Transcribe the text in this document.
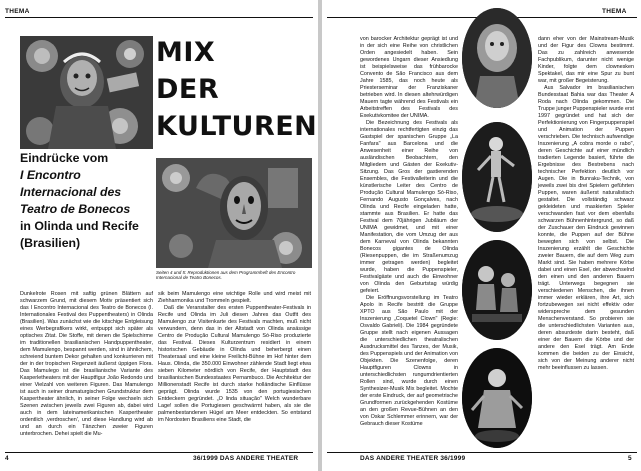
THEMA
MIX
DER
KULTUREN
Eindrücke vom
I Encontro Internacional des Teatro de Bonecos
in Olinda und Recife (Brasilien)
Seiten 4 und 5: Reproduktionen aus dem Programmheft des Encontro Internacional de Teatro Bonecos.

Dunkelrote Rosen mit saftig grünen Blättern auf schwarzem Grund, mit diesem Motiv präsentiert sich das I Encontro Internacional des Teatro de Bonecos (I. Internationales Festival des Puppentheaters) in Olinda (Brasilien). Was zunächst wie die kitschige Entgleisung eines Werbegrafikers wirkt, entpuppt sich später als optisches Zitat. Die Stoffe, mit denen die Spielschirme im traditionellen brasilianischen Handpuppentheater, dem Mamulengo, bespannt werden, sind in ähnlichem, schreiend buntem Dekor gehalten und konkurrieren mit der in der tropischen Regenzeit äußerst üppigen Flora. Das Mamulego ist die brasilianische Variante des Kasperletheaters mit der Hauptfigur João Redondo und einer Vielzahl von weiteren Figuren. Das Mamulengo ist auch in seiner dramaturgischen Grundstruktur dem Kaspertheater ähnlich, in seiner Folge wechseln sich Szenen zwischen jeweils zwei Figuren ab, dabei wird auch in dem lateinamerikanischen Kaspertheater ordentlich ‚verdroschen', und diese Handlung wird ab und an durch ein Tänzchen zweier Figuren unterbrochen. Dehei spielt die Mu-

sik beim Mamulengo eine wichtige Rolle und wird meist mit Ziehharmonika und Trommeln gespielt.

Daß die Veranstalter des ersten Puppentheater-Festivals in Recife und Olinda im Juli diesen Jahres das Outfit des Mamulengo zur Visitenkarte des Festivals machten, muß nicht verwundern, denn das in der Altstadt von Olinda ansässige Centro de Produção Cultural Mamulengo Só-Riso produzierte das Festival. Dieses Kulturzentrum residiert in einem historischen Gebäude in Olinda und beherbergt einen Theatersaal und eine kleine Freilicht-Bühne im Hof hinter dem Haus. Olinda, die 350.000 Einwohner zählende Stadt liegt etwa sieben Kilometer nördlich von Recife, der Hauptstadt des brasilianischen Bundesstaates Pernambuco. Die Architektur der Millionenstadt Recife ist durch starke holländische Einflüsse geprägt. Olinda wurde 1535 von den portugiesischen Entdeckern gegründet. „O linda situação" Welch wunderbare Lage! sollen die Portugiesen geschwärmt haben, als sie die palmenbestandenen Hügel am Meer entdeckten. So entstand im Nordosten Brasiliens eine Stadt, die

4	36/1999 DAS ANDERE THEATER
THEMA

von barocker Architektur geprägt ist und in der sich eine Reihe von christlichen Orden angesiedelt haben. Sein gewordenes Ungarn dieser Ansiedlung ist beispielsweise das frühbarocke Convento de São Francisco aus dem Jahre 1585, das noch heute als Priesterseminar der Franziskaner betrieben wird. In diesen altehrwürdigen Mauern tagte während des Festivals ein Arbeitstreffen des Festivals des Exekutivkomitee der UNIMA.

Die Bezeichnung des Festivals als internationales rechtfertigten einzig das Gastspiel der spanischen Gruppe „La Fanfara" aus Barcelona und die Anwesenheit einer Reihe von ausländischen Beobachtern, den Mitgliedern und Gästen der Exekutiv-Sitzung. Das Gros der gastierenden Ensembles, die Festivalleiterin und die künstlerische Leiter des Centro de Produção Cultural Mamulengo Só-Riso, Fernando Augusto Gonçalves, nach Olinda und Recife eingeladen hatte, stammte aus Brasilien. Er hatte das Festival dem 70jährigen Jubiläum der UNIMA gewidmet, und mit einer Manifestation, die vom Umzug der aus dem Karneval von Olinda bekannten Bonecos gigantes de Olinda (Riesenpuppen, die im Straßenumzug immer getragen werden) begleitet wurde, haben die Puppenspieler, Festivalgäste und auch die Einwohner von Olinda den Geburtstag würdig gefeiert.

Die Eröffnungsvorstellung im Teatro Apolo in Recife bestritt die Gruppe XPTO aus São Paulo mit der Inszenierung „Coquetel Clown" (Regie: Osvaldo Gabrieli). Die 1984 gegründete Gruppe stellt nach eigenen Aussagen die unterschiedlichen theatralischen Ausdrucksmittel des Tanzes, der Musik, des Puppenspiels und der Animation von Objekten. Die Szenenfolge, deren Hauptfiguren Clowns in unterschiedlichsten rungumdrientierten Rollen sind, wurde durch einen Synthesizer-Musik Mix begleitet. Mochte der erste Eindruck, der auf geometrische Grundformen zurückgehenden Kostüme an den großen Revue-Bühnen an den von Oskar Schlemmer erinnern, war der Gebrauch dieser Kostüme

dann eher von der Mainstream-Musik und der Figur des Clowns bestimmt. Das zu zahlreich anwesende Fachpublikum, darunter nicht wenige Kinder, folgte dem clownesken Spektakel, das mir eine Spur zu bunt war, mit großer Begeisterung.

Aus Salvador im brasilianischen Bundesstaat Bahia war das Theater A Roda nach Olinda gekommen. Die Truppe junger Puppenspieler wurde erst 1997 gegründet und hat sich der Perfektionierung von Fingerpuppenspiel und Animation der Puppen verschrieben. Die technisch aufwendige Inszenierung „A cobra morde o rabo", deren Geschichte auf einer mündlich tradierten Legende basiert, führte die Ergebnisse des Bestrebens nach technischer Perfektion deutlich vor Augen. Die in Bunraku-Technik, von jeweils zwei bis drei Spielern geführten Puppen, waren äußerst naturalistisch gestaltet. Die vollständig schwarz gekleideten und maskierten Spieler verschwanden fast vor dem ebenfalls schwarzen Bühnenhintergrund, so daß der Zuschauer den Eindruck gewinnen konnte, die Puppen auf der Bühne bewegten sich von selbst. Die Inszenierung erzählt die Geschichte zweier Bauern, die auf dem Weg zum Markt sind. Sie haben mehrere Körbe dabei und einen Esel, der abwechselnd den einen und den anderen Bauern trägt. Unterwegs begegnen sie verschiedenen Menschen, die ihnen immer wieder erklären, ihre Art, sich fortzubewegen sei nicht effektiv oder widerspreche dem gesunden Menschenverstand. So probieren sie die unterschiedlichsten Varianten aus, deren absurdeste darin besteht, daß einer der Bauern die Körbe und der andere den Esel trägt. Am Ende kommen die beiden zu der Einsicht, sich von der Meinung anderer nicht mehr beeinflussen zu lassen.

DAS ANDERE THEATER 36/1999	5
